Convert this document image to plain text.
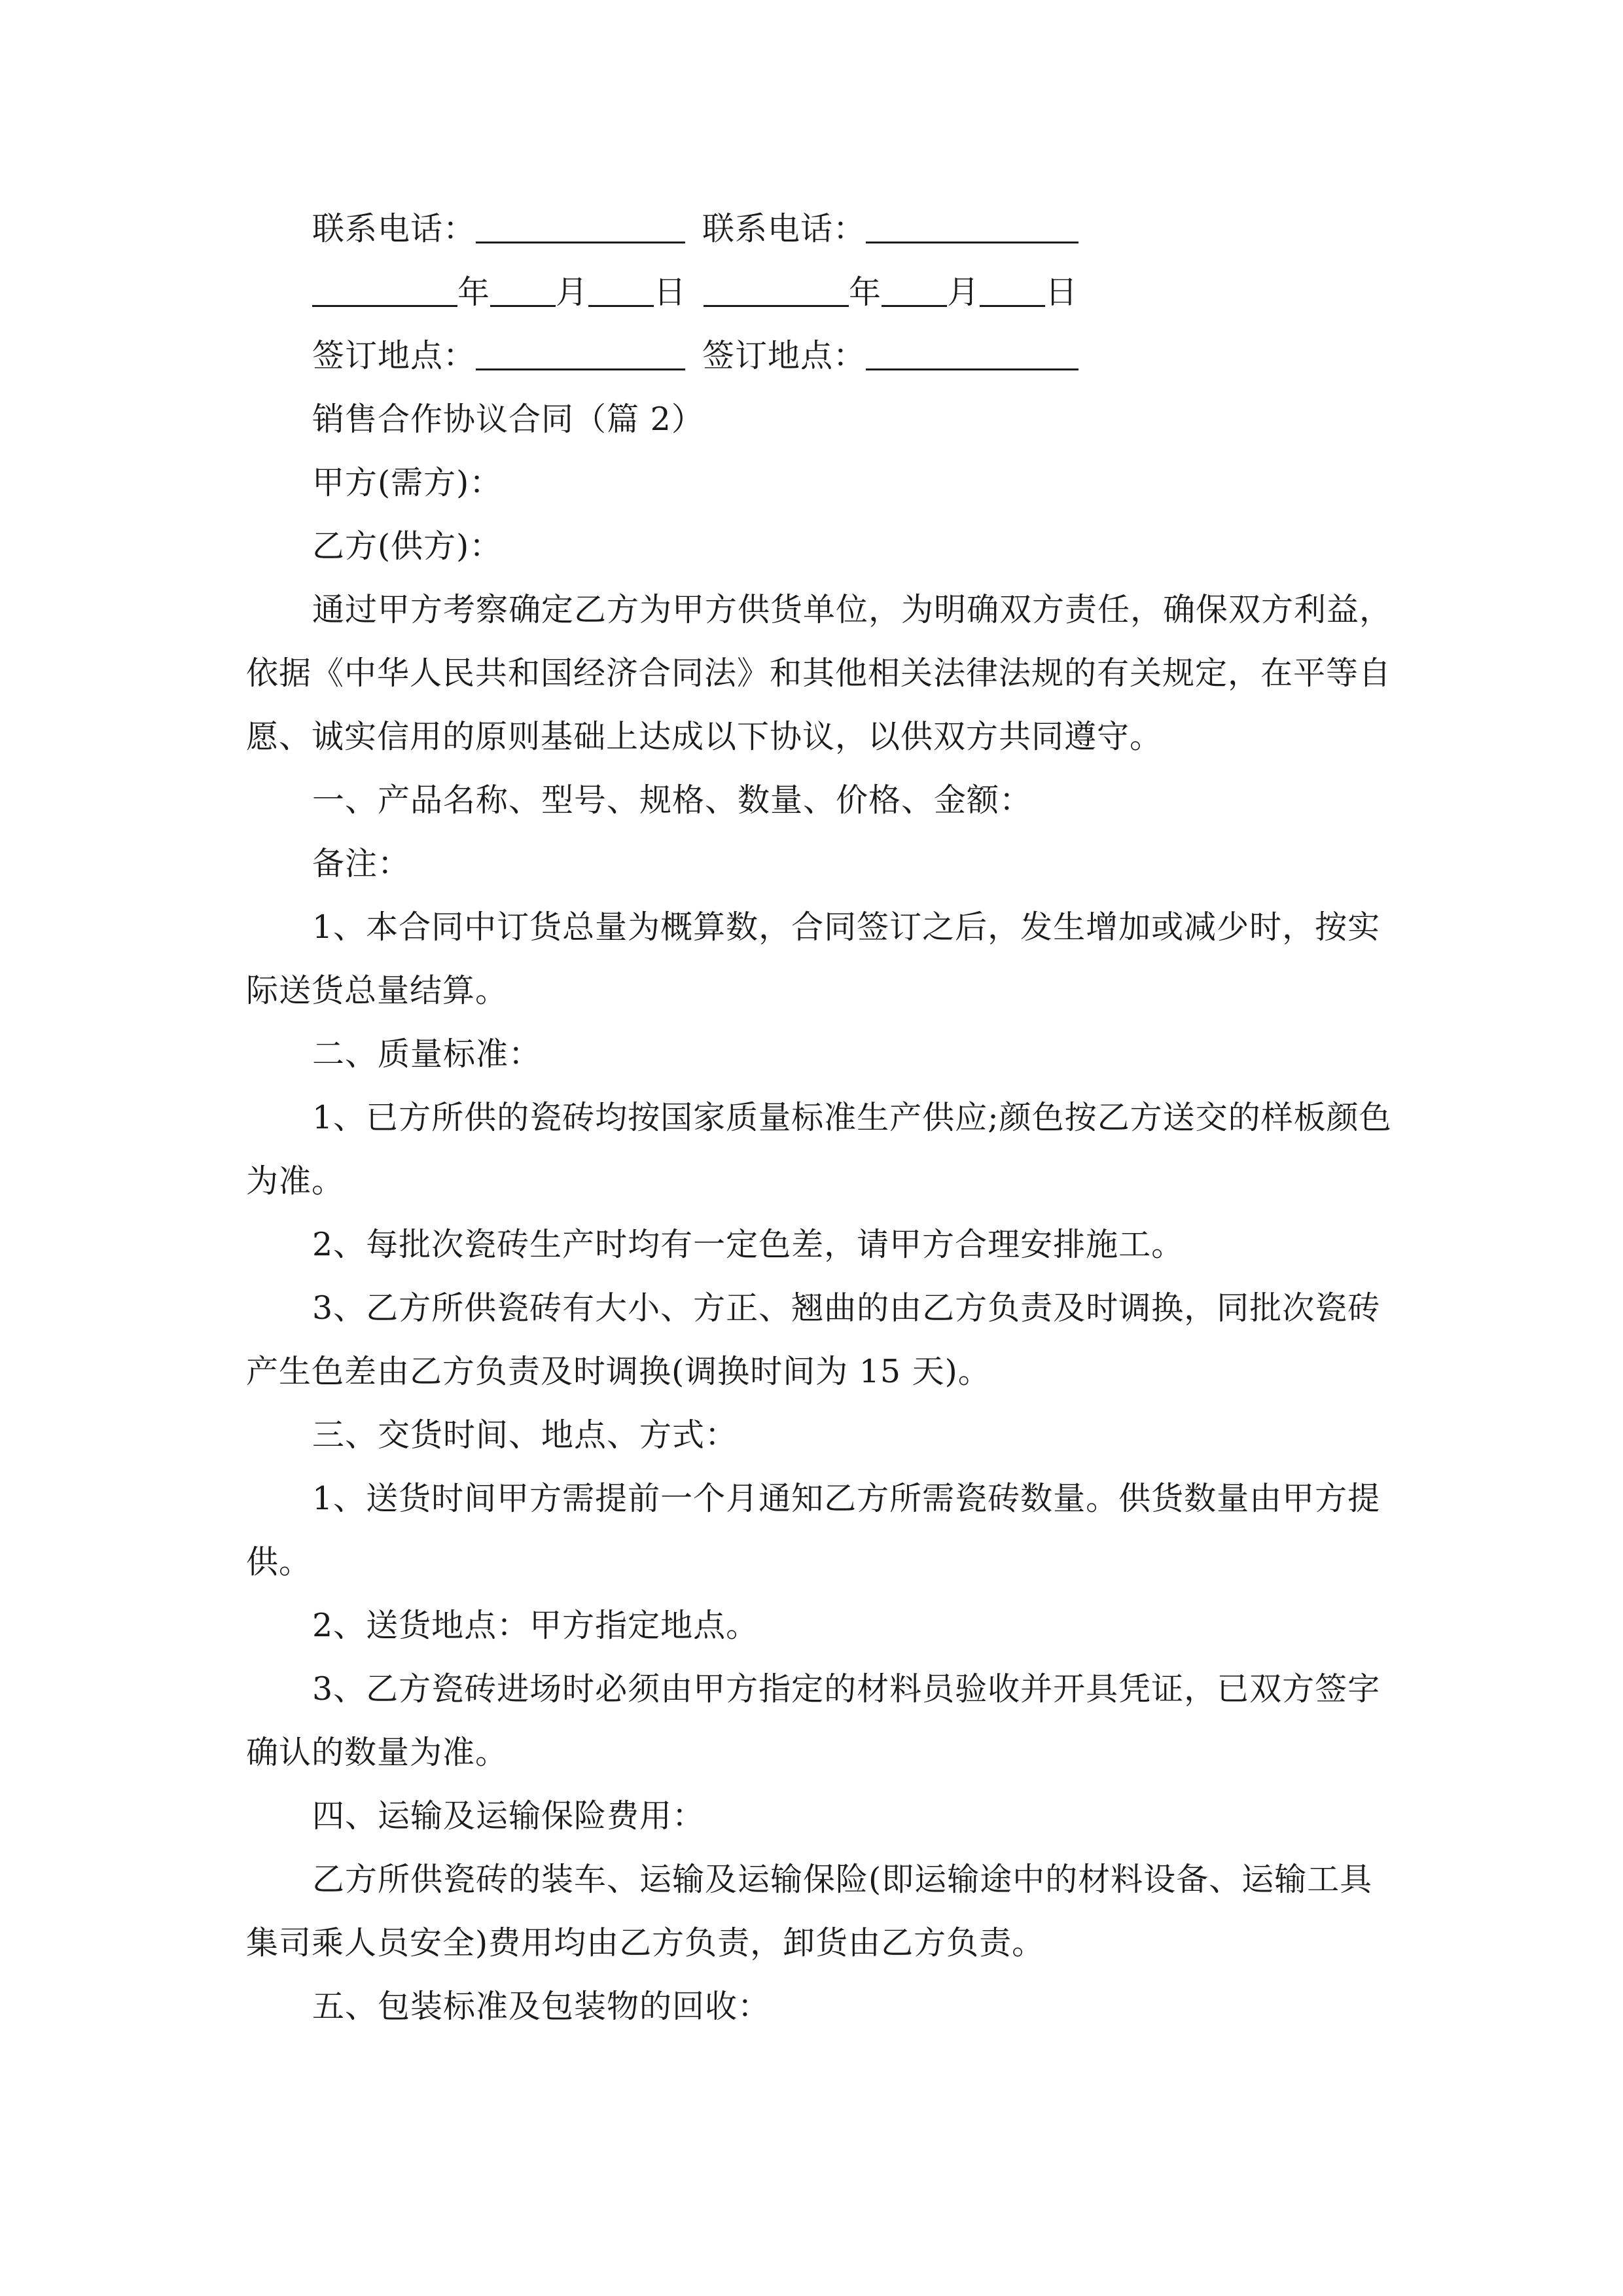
联系电话：	联系电话：
年 月 日	年 月 日
签订地点：	签订地点：
销售合作协议合同（篇 2）
甲方(需方)：
乙方(供方)：
通过甲方考察确定乙方为甲方供货单位，为明确双方责任，确保双方利益，
依据《中华人民共和国经济合同法》和其他相关法律法规的有关规定，在平等自
愿、诚实信用的原则基础上达成以下协议，以供双方共同遵守。
一、产品名称、型号、规格、数量、价格、金额：
备注：
1、本合同中订货总量为概算数，合同签订之后，发生增加或减少时，按实
际送货总量结算。
二、质量标准：
1、已方所供的瓷砖均按国家质量标准生产供应;颜色按乙方送交的样板颜色
为准。
2、每批次瓷砖生产时均有一定色差，请甲方合理安排施工。
3、乙方所供瓷砖有大小、方正、翘曲的由乙方负责及时调换，同批次瓷砖
产生色差由乙方负责及时调换(调换时间为 15 天)。
三、交货时间、地点、方式：
1、送货时间甲方需提前一个月通知乙方所需瓷砖数量。供货数量由甲方提
供。
2、送货地点：甲方指定地点。
3、乙方瓷砖进场时必须由甲方指定的材料员验收并开具凭证，已双方签字
确认的数量为准。
四、运输及运输保险费用：
乙方所供瓷砖的装车、运输及运输保险(即运输途中的材料设备、运输工具
集司乘人员安全)费用均由乙方负责，卸货由乙方负责。
五、包装标准及包装物的回收：
